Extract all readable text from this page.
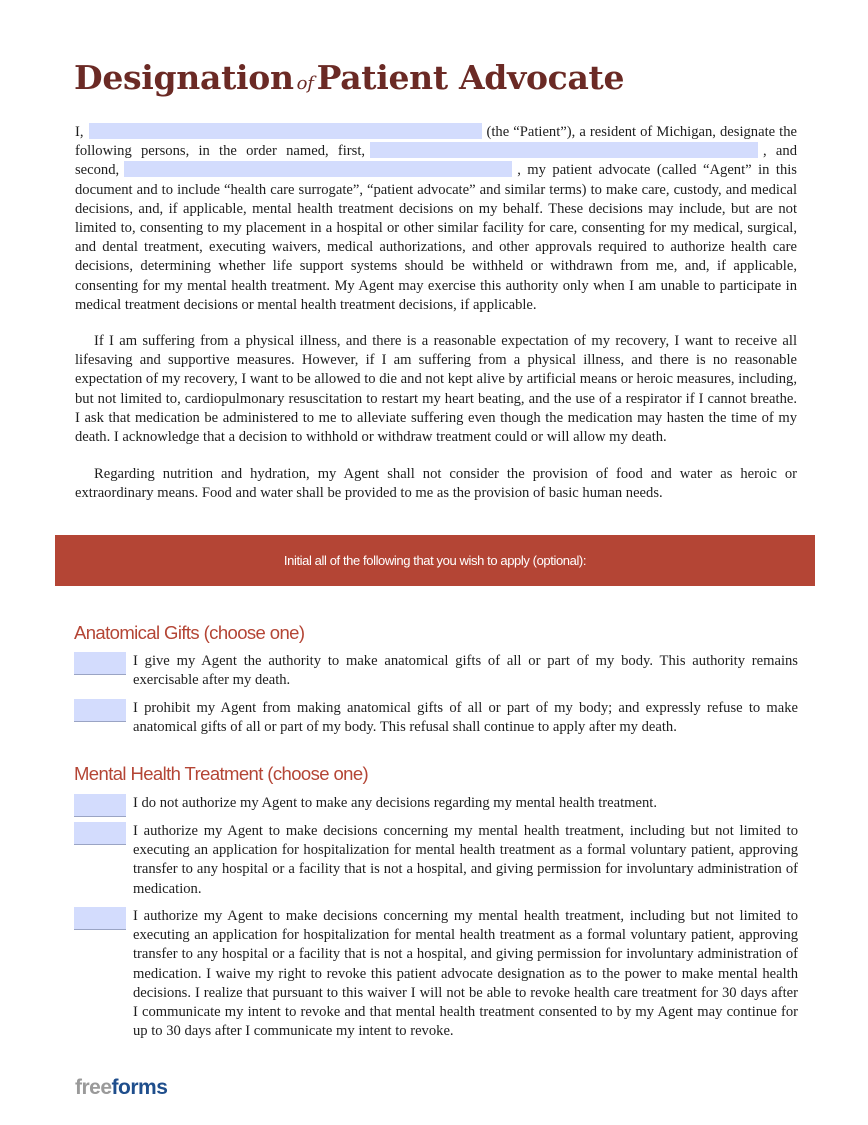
Designation ofPatient Advocate

I,	(the “Patient”), a resident of Michigan, designate the following persons, in the order named, first,	, and second,	, my patient advocate (called “Agent” in this document and to include “health care surrogate”, “patient advocate” and similar terms) to make care, custody, and medical decisions, and, if applicable, mental health treatment decisions on my behalf. These decisions may include, but are not limited to, consenting to my placement in a hospital or other similar facility for care, consenting for my medical, surgical, and dental treatment, executing waivers, medical authorizations, and other approvals required to authorize health care decisions, determining whether life support systems should be withheld or withdrawn from me, and, if applicable, consenting for my mental health treatment. My Agent may exercise this authority only when I am unable to participate in medical treatment decisions or mental health treatment decisions, if applicable.

If I am suffering from a physical illness, and there is a reasonable expectation of my recovery, I want to receive all lifesaving and supportive measures. However, if I am suffering from a physical illness, and there is no reasonable expectation of my recovery, I want to be allowed to die and not kept alive by artificial means or heroic measures, including, but not limited to, cardiopulmonary resuscitation to restart my heart beating, and the use of a respirator if I cannot breathe. I ask that medication be administered to me to alleviate suffering even though the medication may hasten the time of my death. I acknowledge that a decision to withhold or withdraw treatment could or will allow my death.

Regarding nutrition and hydration, my Agent shall not consider the provision of food and water as heroic or extraordinary means. Food and water shall be provided to me as the provision of basic human needs.

Initial all of the following that you wish to apply (optional):
Anatomical Gifts (choose one)

I give my Agent the authority to make anatomical gifts of all or part of my body. This authority remains exercisable after my death.

I prohibit my Agent from making anatomical gifts of all or part of my body; and expressly refuse to make anatomical gifts of all or part of my body. This refusal shall continue to apply after my death.

Mental Health Treatment (choose one)

I do not authorize my Agent to make any decisions regarding my mental health treatment.

I authorize my Agent to make decisions concerning my mental health treatment, including but not limited to executing an application for hospitalization for mental health treatment as a formal voluntary patient, approving transfer to any hospital or a facility that is not a hospital, and giving permission for involuntary administration of medication.

I authorize my Agent to make decisions concerning my mental health treatment, including but not limited to executing an application for hospitalization for mental health treatment as a formal voluntary patient, approving transfer to any hospital or a facility that is not a hospital, and giving permission for involuntary administration of medication. I waive my right to revoke this patient advocate designation as to the power to make mental health decisions. I realize that pursuant to this waiver I will not be able to revoke health care treatment for 30 days after I communicate my intent to revoke and that mental health treatment consented to by my Agent may continue for up to 30 days after I communicate my intent to revoke.

freeforms
